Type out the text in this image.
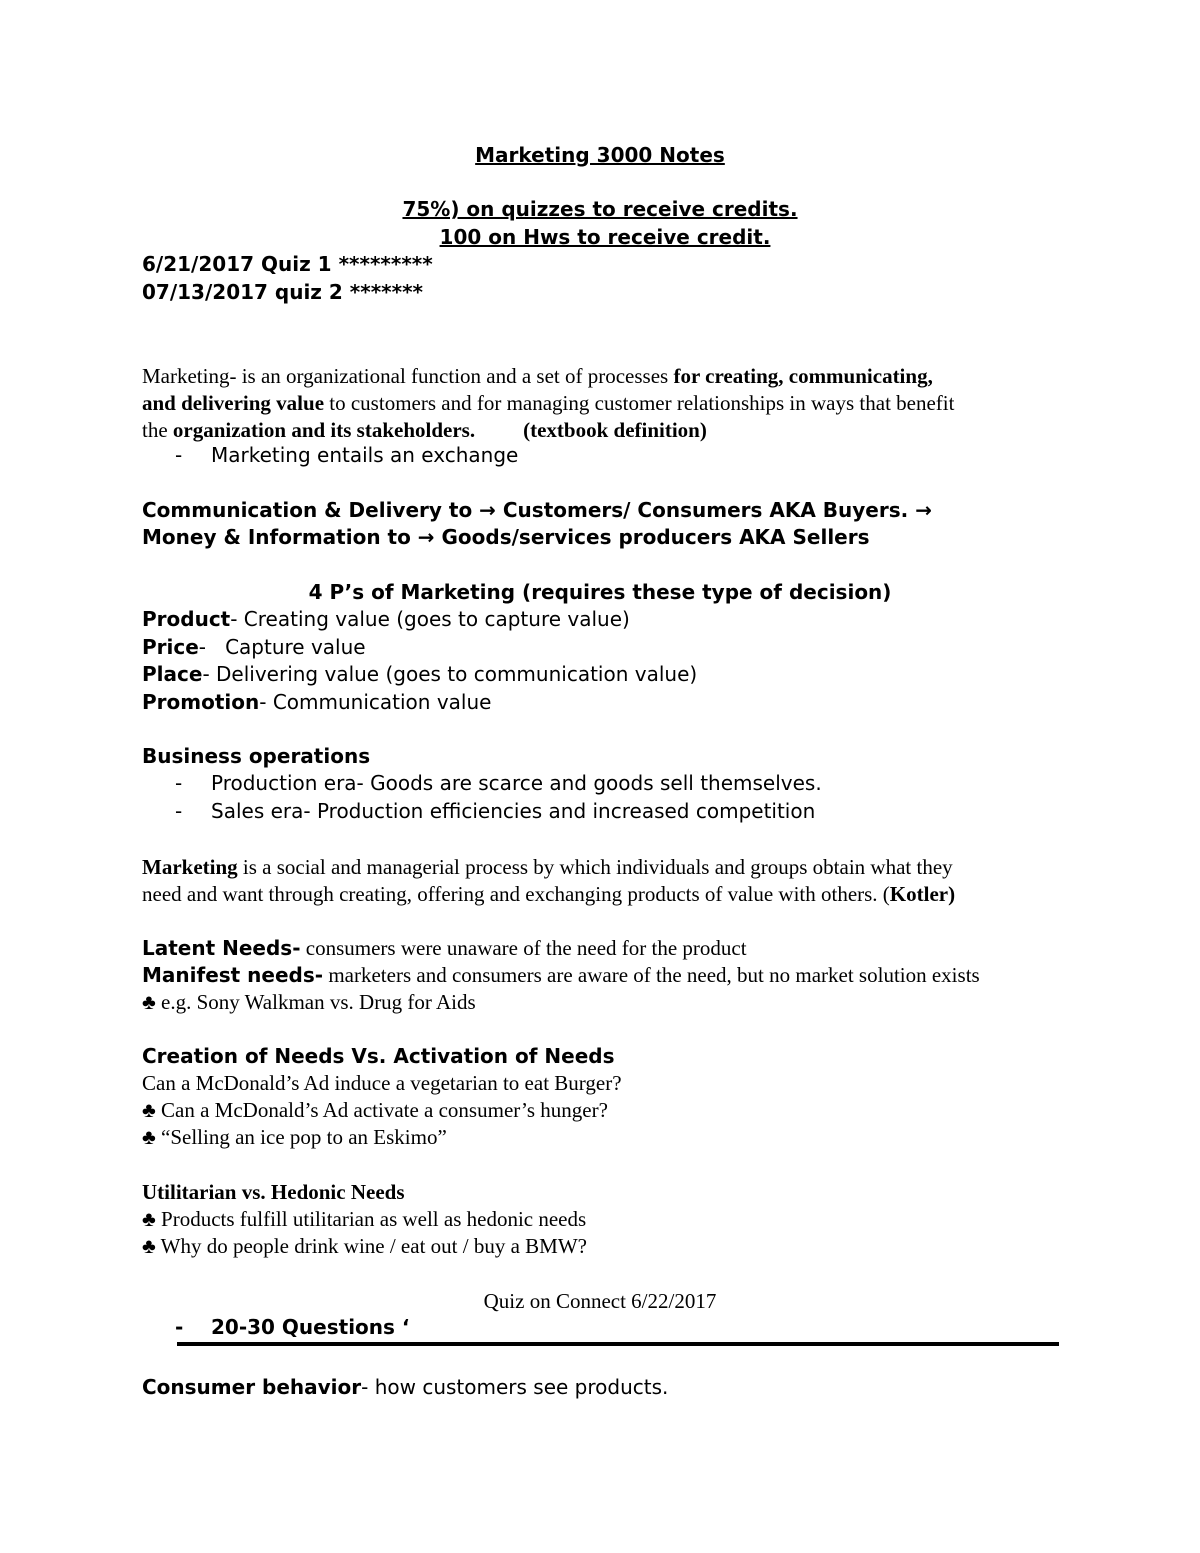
Marketing 3000 Notes
75%) on quizzes to receive credits.
100 on Hws to receive credit.
6/21/2017 Quiz 1 *********
07/13/2017 quiz 2 *******
Marketing- is an organizational function and a set of processes for creating, communicating,
and delivering value to customers and for managing customer relationships in ways that benefit
the organization and its stakeholders. (textbook definition)
- Marketing entails an exchange
Communication & Delivery to → Customers/ Consumers AKA Buyers. →
Money & Information to → Goods/services producers AKA Sellers
4 P’s of Marketing (requires these type of decision)
Product- Creating value (goes to capture value)
Price-   Capture value
Place- Delivering value (goes to communication value)
Promotion- Communication value
Business operations
- Production era- Goods are scarce and goods sell themselves.
- Sales era- Production efficiencies and increased competition
Marketing is a social and managerial process by which individuals and groups obtain what they
need and want through creating, offering and exchanging products of value with others. (Kotler)
Latent Needs- consumers were unaware of the need for the product
Manifest needs- marketers and consumers are aware of the need, but no market solution exists
♣ e.g. Sony Walkman vs. Drug for Aids
Creation of Needs Vs. Activation of Needs
Can a McDonald’s Ad induce a vegetarian to eat Burger?
♣ Can a McDonald’s Ad activate a consumer’s hunger?
♣ “Selling an ice pop to an Eskimo”
Utilitarian vs. Hedonic Needs
♣ Products fulfill utilitarian as well as hedonic needs
♣ Why do people drink wine / eat out / buy a BMW?
Quiz on Connect 6/22/2017
- 20-30 Questions ‘
Consumer behavior- how customers see products.
